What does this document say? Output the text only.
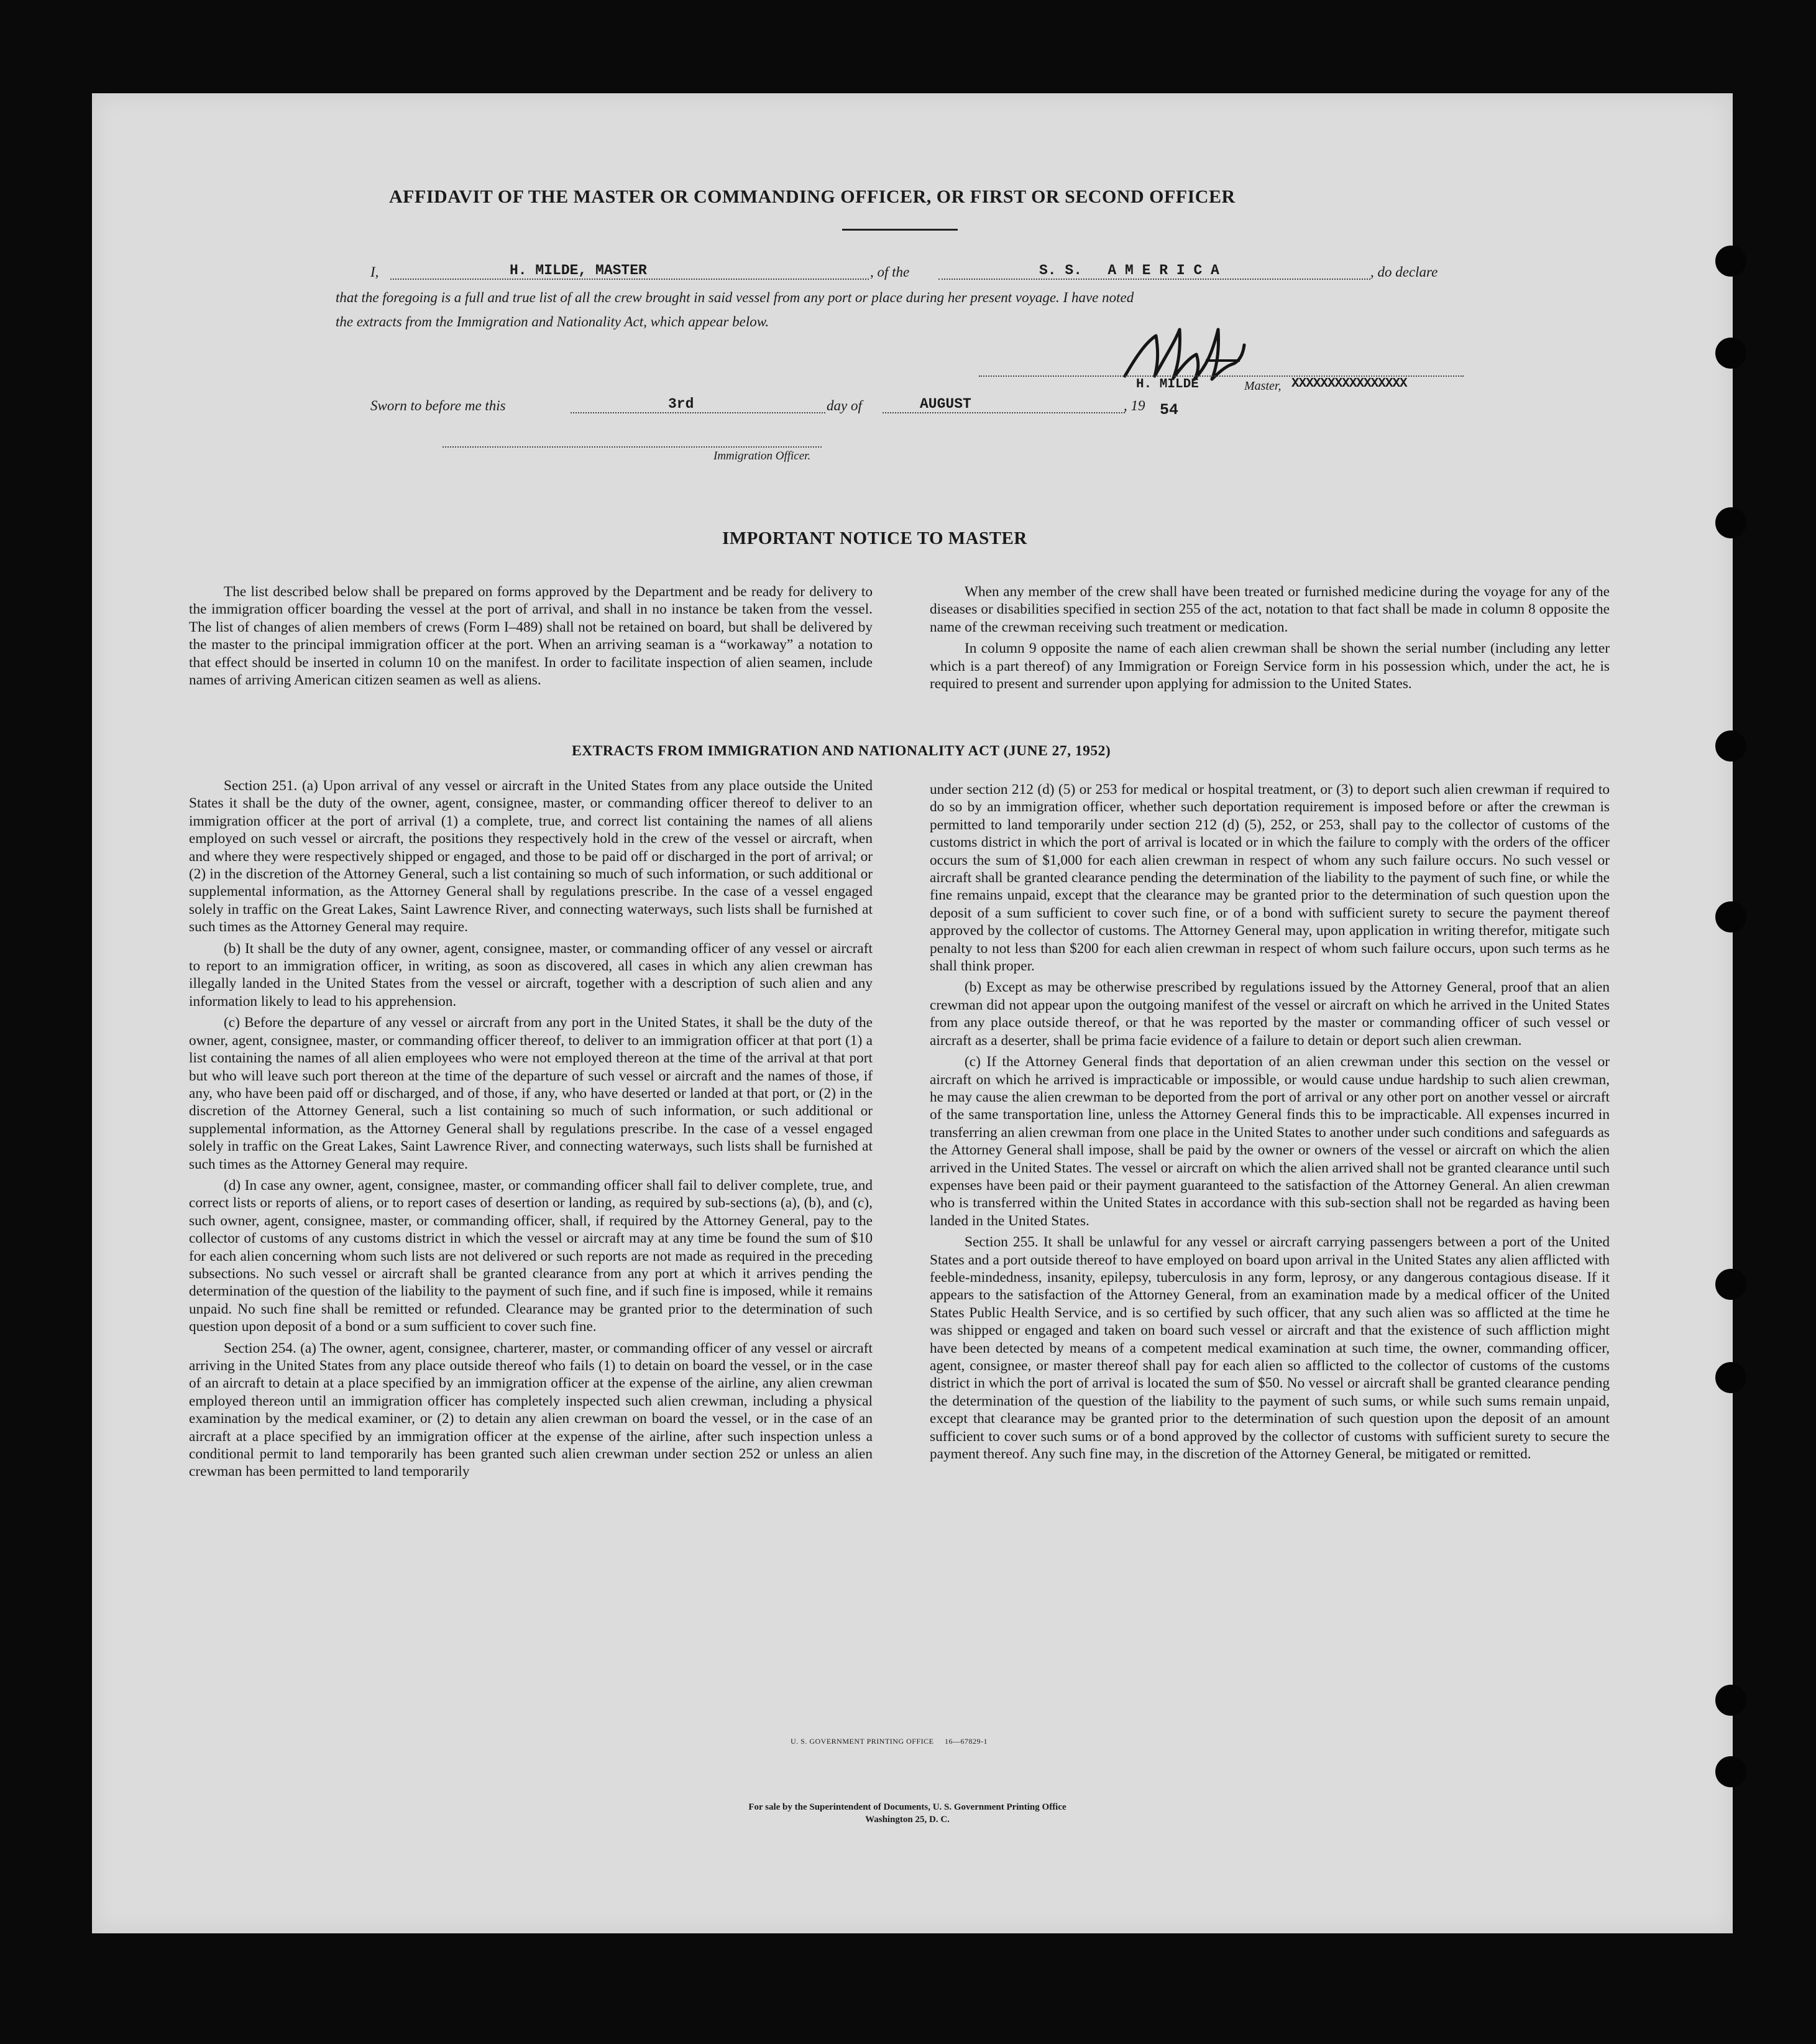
AFFIDAVIT OF THE MASTER OR COMMANDING OFFICER, OR FIRST OR SECOND OFFICER
I,	H. MILDE, MASTER	, of the	S. S.   A M E R I C A	, do declare
that the foregoing is a full and true list of all the crew brought in said vessel from any port or place during her present voyage. I have noted
the extracts from the Immigration and Nationality Act, which appear below.
H. MILDE	Master, XXXXXXXXXXXXXXXX
Sworn to before me this	3rd	day of	AUGUST	, 19 54
Immigration Officer.
IMPORTANT NOTICE TO MASTER

The list described below shall be prepared on forms approved by the Department and be ready for delivery to the immigration officer boarding the vessel at the port of arrival, and shall in no instance be taken from the vessel. The list of changes of alien members of crews (Form I–489) shall not be retained on board, but shall be delivered by the master to the principal immigration officer at the port. When an arriving seaman is a “workaway” a notation to that effect should be inserted in column 10 on the manifest. In order to facilitate inspection of alien seamen, include names of arriving American citizen seamen as well as aliens.

When any member of the crew shall have been treated or furnished medicine during the voyage for any of the diseases or disabilities specified in section 255 of the act, notation to that fact shall be made in column 8 opposite the name of the crewman receiving such treatment or medication.

In column 9 opposite the name of each alien crewman shall be shown the serial number (including any letter which is a part thereof) of any Immigration or Foreign Service form in his possession which, under the act, he is required to present and surrender upon applying for admission to the United States.

EXTRACTS FROM IMMIGRATION AND NATIONALITY ACT (JUNE 27, 1952)

Section 251. (a) Upon arrival of any vessel or aircraft in the United States from any place outside the United States it shall be the duty of the owner, agent, consignee, master, or commanding officer thereof to deliver to an immigration officer at the port of arrival (1) a complete, true, and correct list containing the names of all aliens employed on such vessel or aircraft, the positions they respectively hold in the crew of the vessel or aircraft, when and where they were respectively shipped or engaged, and those to be paid off or discharged in the port of arrival; or (2) in the discretion of the Attorney General, such a list containing so much of such information, or such additional or supplemental information, as the Attorney General shall by regulations prescribe. In the case of a vessel engaged solely in traffic on the Great Lakes, Saint Lawrence River, and connecting waterways, such lists shall be furnished at such times as the Attorney General may require.

(b) It shall be the duty of any owner, agent, consignee, master, or commanding officer of any vessel or aircraft to report to an immigration officer, in writing, as soon as discovered, all cases in which any alien crewman has illegally landed in the United States from the vessel or aircraft, together with a description of such alien and any information likely to lead to his apprehension.

(c) Before the departure of any vessel or aircraft from any port in the United States, it shall be the duty of the owner, agent, consignee, master, or commanding officer thereof, to deliver to an immigration officer at that port (1) a list containing the names of all alien employees who were not employed thereon at the time of the arrival at that port but who will leave such port thereon at the time of the departure of such vessel or aircraft and the names of those, if any, who have been paid off or discharged, and of those, if any, who have deserted or landed at that port, or (2) in the discretion of the Attorney General, such a list containing so much of such information, or such additional or supplemental information, as the Attorney General shall by regulations prescribe. In the case of a vessel engaged solely in traffic on the Great Lakes, Saint Lawrence River, and connecting waterways, such lists shall be furnished at such times as the Attorney General may require.

(d) In case any owner, agent, consignee, master, or commanding officer shall fail to deliver complete, true, and correct lists or reports of aliens, or to report cases of desertion or landing, as required by sub-sections (a), (b), and (c), such owner, agent, consignee, master, or commanding officer, shall, if required by the Attorney General, pay to the collector of customs of any customs district in which the vessel or aircraft may at any time be found the sum of $10 for each alien concerning whom such lists are not delivered or such reports are not made as required in the preceding subsections. No such vessel or aircraft shall be granted clearance from any port at which it arrives pending the determination of the question of the liability to the payment of such fine, and if such fine is imposed, while it remains unpaid. No such fine shall be remitted or refunded. Clearance may be granted prior to the determination of such question upon deposit of a bond or a sum sufficient to cover such fine.

Section 254. (a) The owner, agent, consignee, charterer, master, or commanding officer of any vessel or aircraft arriving in the United States from any place outside thereof who fails (1) to detain on board the vessel, or in the case of an aircraft to detain at a place specified by an immigration officer at the expense of the airline, any alien crewman employed thereon until an immigration officer has completely inspected such alien crewman, including a physical examination by the medical examiner, or (2) to detain any alien crewman on board the vessel, or in the case of an aircraft at a place specified by an immigration officer at the expense of the airline, after such inspection unless a conditional permit to land temporarily has been granted such alien crewman under section 252 or unless an alien crewman has been permitted to land temporarily

under section 212 (d) (5) or 253 for medical or hospital treatment, or (3) to deport such alien crewman if required to do so by an immigration officer, whether such deportation requirement is imposed before or after the crewman is permitted to land temporarily under section 212 (d) (5), 252, or 253, shall pay to the collector of customs of the customs district in which the port of arrival is located or in which the failure to comply with the orders of the officer occurs the sum of $1,000 for each alien crewman in respect of whom any such failure occurs. No such vessel or aircraft shall be granted clearance pending the determination of the liability to the payment of such fine, or while the fine remains unpaid, except that the clearance may be granted prior to the determination of such question upon the deposit of a sum sufficient to cover such fine, or of a bond with sufficient surety to secure the payment thereof approved by the collector of customs. The Attorney General may, upon application in writing therefor, mitigate such penalty to not less than $200 for each alien crewman in respect of whom such failure occurs, upon such terms as he shall think proper.

(b) Except as may be otherwise prescribed by regulations issued by the Attorney General, proof that an alien crewman did not appear upon the outgoing manifest of the vessel or aircraft on which he arrived in the United States from any place outside thereof, or that he was reported by the master or commanding officer of such vessel or aircraft as a deserter, shall be prima facie evidence of a failure to detain or deport such alien crewman.

(c) If the Attorney General finds that deportation of an alien crewman under this section on the vessel or aircraft on which he arrived is impracticable or impossible, or would cause undue hardship to such alien crewman, he may cause the alien crewman to be deported from the port of arrival or any other port on another vessel or aircraft of the same transportation line, unless the Attorney General finds this to be impracticable. All expenses incurred in transferring an alien crewman from one place in the United States to another under such conditions and safeguards as the Attorney General shall impose, shall be paid by the owner or owners of the vessel or aircraft on which the alien arrived in the United States. The vessel or aircraft on which the alien arrived shall not be granted clearance until such expenses have been paid or their payment guaranteed to the satisfaction of the Attorney General. An alien crewman who is transferred within the United States in accordance with this sub-section shall not be regarded as having been landed in the United States.

Section 255. It shall be unlawful for any vessel or aircraft carrying passengers between a port of the United States and a port outside thereof to have employed on board upon arrival in the United States any alien afflicted with feeble-mindedness, insanity, epilepsy, tuberculosis in any form, leprosy, or any dangerous contagious disease. If it appears to the satisfaction of the Attorney General, from an examination made by a medical officer of the United States Public Health Service, and is so certified by such officer, that any such alien was so afflicted at the time he was shipped or engaged and taken on board such vessel or aircraft and that the existence of such affliction might have been detected by means of a competent medical examination at such time, the owner, commanding officer, agent, consignee, or master thereof shall pay for each alien so afflicted to the collector of customs of the customs district in which the port of arrival is located the sum of $50. No vessel or aircraft shall be granted clearance pending the determination of the question of the liability to the payment of such sums, or while such sums remain unpaid, except that clearance may be granted prior to the determination of such question upon the deposit of an amount sufficient to cover such sums or of a bond approved by the collector of customs with sufficient surety to secure the payment thereof. Any such fine may, in the discretion of the Attorney General, be mitigated or remitted.

U. S. GOVERNMENT PRINTING OFFICE     16—67829-1
For sale by the Superintendent of Documents, U. S. Government Printing Office
Washington 25, D. C.
